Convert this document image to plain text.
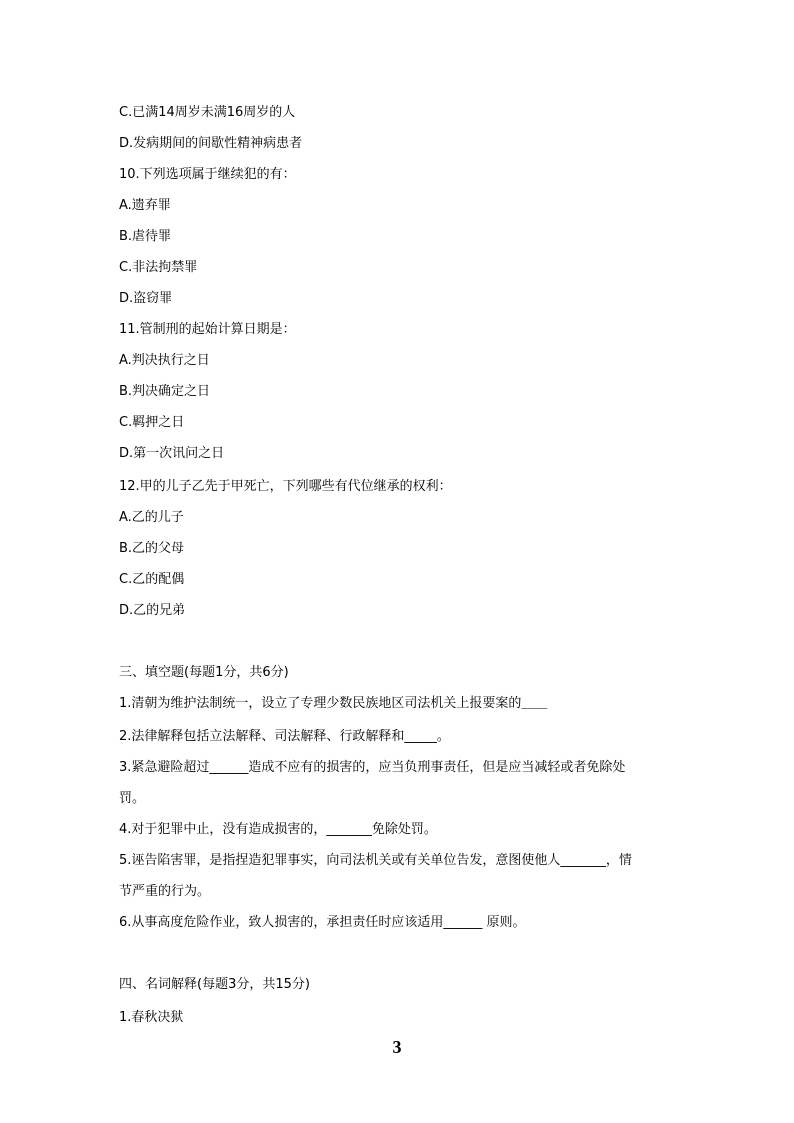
C.已满14周岁未满16周岁的人
D.发病期间的间歇性精神病患者
10.下列选项属于继续犯的有：
A.遗弃罪
B.虐待罪
C.非法拘禁罪
D.盗窃罪
11.管制刑的起始计算日期是：
A.判决执行之日
B.判决确定之日
C.羁押之日
D.第一次讯问之日
12.甲的儿子乙先于甲死亡，下列哪些有代位继承的权利：
A.乙的儿子
B.乙的父母
C.乙的配偶
D.乙的兄弟
三、填空题(每题1分，共6分)
1.清朝为维护法制统一，设立了专理少数民族地区司法机关上报要案的＿＿
2.法律解释包括立法解释、司法解释、行政解释和_____。
3.紧急避险超过______造成不应有的损害的，应当负刑事责任，但是应当减轻或者免除处
罚。
4.对于犯罪中止，没有造成损害的，_______免除处罚。
5.诬告陷害罪，是指捏造犯罪事实，向司法机关或有关单位告发，意图使他人_______，情
节严重的行为。
6.从事高度危险作业，致人损害的，承担责任时应该适用______ 原则。
四、名词解释(每题3分，共15分)
1.春秋决狱
3
